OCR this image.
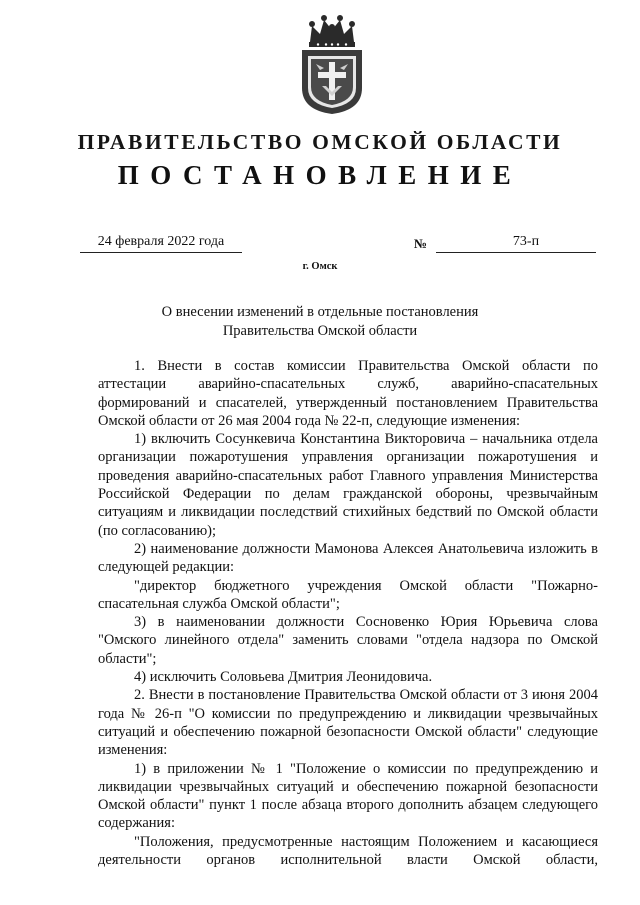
ПРАВИТЕЛЬСТВО ОМСКОЙ ОБЛАСТИ
ПОСТАНОВЛЕНИЕ
24 февраля 2022 года	№	73-п
г. Омск
О внесении изменений в отдельные постановления
Правительства Омской области

1. Внести в состав комиссии Правительства Омской области по аттестации аварийно-спасательных служб, аварийно-спасательных формирований и спасателей, утвержденный постановлением Правительства Омской области от 26 мая 2004 года № 22-п, следующие изменения:

1) включить Сосункевича Константина Викторовича – начальника отдела организации пожаротушения управления организации пожаротушения и проведения аварийно-спасательных работ Главного управления Министерства Российской Федерации по делам гражданской обороны, чрезвычайным ситуациям и ликвидации последствий стихийных бедствий по Омской области (по согласованию);

2) наименование должности Мамонова Алексея Анатольевича изложить в следующей редакции:

"директор бюджетного учреждения Омской области "Пожарно-спасательная служба Омской области";

3) в наименовании должности Сосновенко Юрия Юрьевича слова "Омского линейного отдела" заменить словами "отдела надзора по Омской области";

4) исключить Соловьева Дмитрия Леонидовича.

2. Внести в постановление Правительства Омской области от 3 июня 2004 года № 26-п "О комиссии по предупреждению и ликвидации чрезвычайных ситуаций и обеспечению пожарной безопасности Омской области" следующие изменения:

1) в приложении № 1 "Положение о комиссии по предупреждению и ликвидации чрезвычайных ситуаций и обеспечению пожарной безопасности Омской области" пункт 1 после абзаца второго дополнить абзацем следующего содержания:

"Положения, предусмотренные настоящим Положением и касающиеся деятельности органов исполнительной власти Омской области,
